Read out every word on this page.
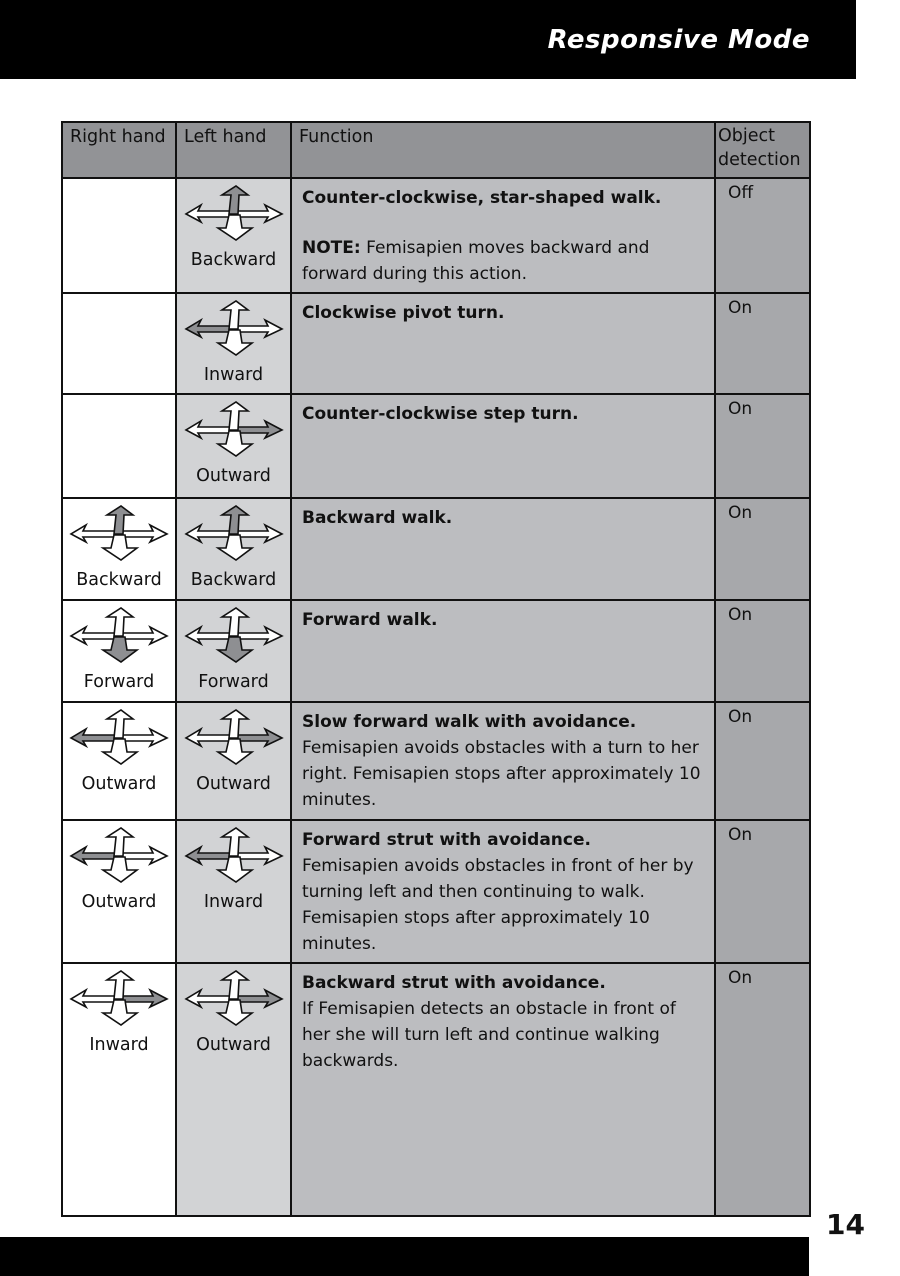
Responsive Mode
Right hand	Left hand	Function	Object detection

	Backward	Counter-clockwise, star-shaped walk.
NOTE: Femisapien moves backward and forward during this action.	Off

	Inward	Clockwise pivot turn.	On

	Outward	Counter-clockwise step turn.	On

Backward	Backward	Backward walk.	On

Forward	Forward	Forward walk.	On

Outward	Outward	Slow forward walk with avoidance.
Femisapien avoids obstacles with a turn to her right. Femisapien stops after approximately 10 minutes.	On

Outward	Inward	Forward strut with avoidance.
Femisapien avoids obstacles in front of her by turning left and then continuing to walk. Femisapien stops after approximately 10 minutes.	On

Inward	Outward	Backward strut with avoidance.
If Femisapien detects an obstacle in front of her she will turn left and continue walking backwards.	On
14
